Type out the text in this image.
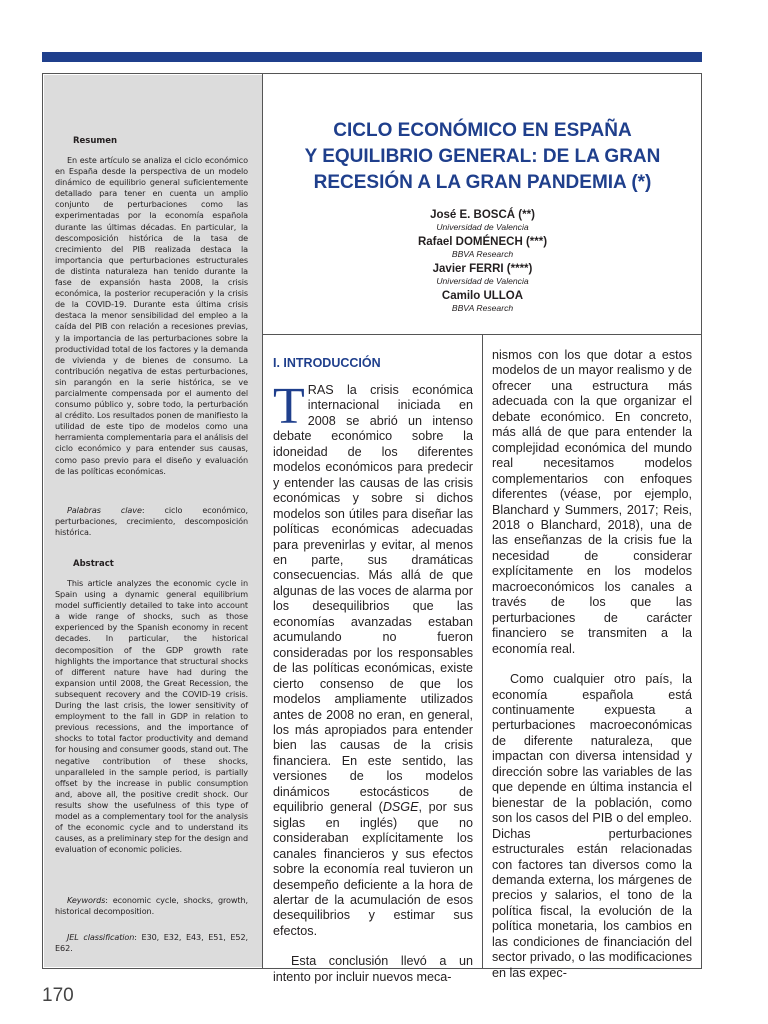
Resumen

En este artículo se analiza el ciclo económico en España desde la perspectiva de un modelo dinámico de equilibrio general suficientemente detallado para tener en cuenta un amplio conjunto de perturbaciones como las experimentadas por la economía española durante las últimas décadas. En particular, la descomposición histórica de la tasa de crecimiento del PIB realizada destaca la importancia que perturbaciones estructurales de distinta naturaleza han tenido durante la fase de expansión hasta 2008, la crisis económica, la posterior recuperación y la crisis de la COVID-19. Durante esta última crisis destaca la menor sensibilidad del empleo a la caída del PIB con relación a recesiones previas, y la importancia de las perturbaciones sobre la productividad total de los factores y la demanda de vivienda y de bienes de consumo. La contribución negativa de estas perturbaciones, sin parangón en la serie histórica, se ve parcialmente compensada por el aumento del consumo público y, sobre todo, la perturbación al crédito. Los resultados ponen de manifiesto la utilidad de este tipo de modelos como una herramienta complementaria para el análisis del ciclo económico y para entender sus causas, como paso previo para el diseño y evaluación de las políticas económicas.

Palabras clave: ciclo económico, perturbaciones, crecimiento, descomposición histórica.

Abstract

This article analyzes the economic cycle in Spain using a dynamic general equilibrium model sufficiently detailed to take into account a wide range of shocks, such as those experienced by the Spanish economy in recent decades. In particular, the historical decomposition of the GDP growth rate highlights the importance that structural shocks of different nature have had during the expansion until 2008, the Great Recession, the subsequent recovery and the COVID-19 crisis. During the last crisis, the lower sensitivity of employment to the fall in GDP in relation to previous recessions, and the importance of shocks to total factor productivity and demand for housing and consumer goods, stand out. The negative contribution of these shocks, unparalleled in the sample period, is partially offset by the increase in public consumption and, above all, the positive credit shock. Our results show the usefulness of this type of model as a complementary tool for the analysis of the economic cycle and to understand its causes, as a preliminary step for the design and evaluation of economic policies.

Keywords: economic cycle, shocks, growth, historical decomposition.

JEL classification: E30, E32, E43, E51, E52, E62.

CICLO ECONÓMICO EN ESPAÑA
Y EQUILIBRIO GENERAL: DE LA GRAN
RECESIÓN A LA GRAN PANDEMIA (*)

José E. BOSCÁ (**)

Universidad de Valencia

Rafael DOMÉNECH (***)

BBVA Research

Javier FERRI (****)

Universidad de Valencia

Camilo ULLOA

BBVA Research

I. INTRODUCCIÓN

TRAS la crisis económica internacional iniciada en 2008 se abrió un intenso debate económico sobre la idoneidad de los diferentes modelos económicos para predecir y entender las causas de las crisis económicas y sobre si dichos modelos son útiles para diseñar las políticas económicas adecuadas para prevenirlas y evitar, al menos en parte, sus dramáticas consecuencias. Más allá de que algunas de las voces de alarma por los desequilibrios que las economías avanzadas estaban acumulando no fueron consideradas por los responsables de las políticas económicas, existe cierto consenso de que los modelos ampliamente utilizados antes de 2008 no eran, en general, los más apropiados para entender bien las causas de la crisis financiera. En este sentido, las versiones de los modelos dinámicos estocásticos de equilibrio general (DSGE, por sus siglas en inglés) que no consideraban explícitamente los canales financieros y sus efectos sobre la economía real tuvieron un desempeño deficiente a la hora de alertar de la acumulación de esos desequilibrios y estimar sus efectos.

Esta conclusión llevó a un intento por incluir nuevos meca-

nismos con los que dotar a estos modelos de un mayor realismo y de ofrecer una estructura más adecuada con la que organizar el debate económico. En concreto, más allá de que para entender la complejidad económica del mundo real necesitamos modelos complementarios con enfoques diferentes (véase, por ejemplo, Blanchard y Summers, 2017; Reis, 2018 o Blanchard, 2018), una de las enseñanzas de la crisis fue la necesidad de considerar explícitamente en los modelos macroeconómicos los canales a través de los que las perturbaciones de carácter financiero se transmiten a la economía real.

Como cualquier otro país, la economía española está continuamente expuesta a perturbaciones macroeconómicas de diferente naturaleza, que impactan con diversa intensidad y dirección sobre las variables de las que depende en última instancia el bienestar de la población, como son los casos del PIB o del empleo. Dichas perturbaciones estructurales están relacionadas con factores tan diversos como la demanda externa, los márgenes de precios y salarios, el tono de la política fiscal, la evolución de la política monetaria, los cambios en las condiciones de financiación del sector privado, o las modificaciones en las expec-

170
